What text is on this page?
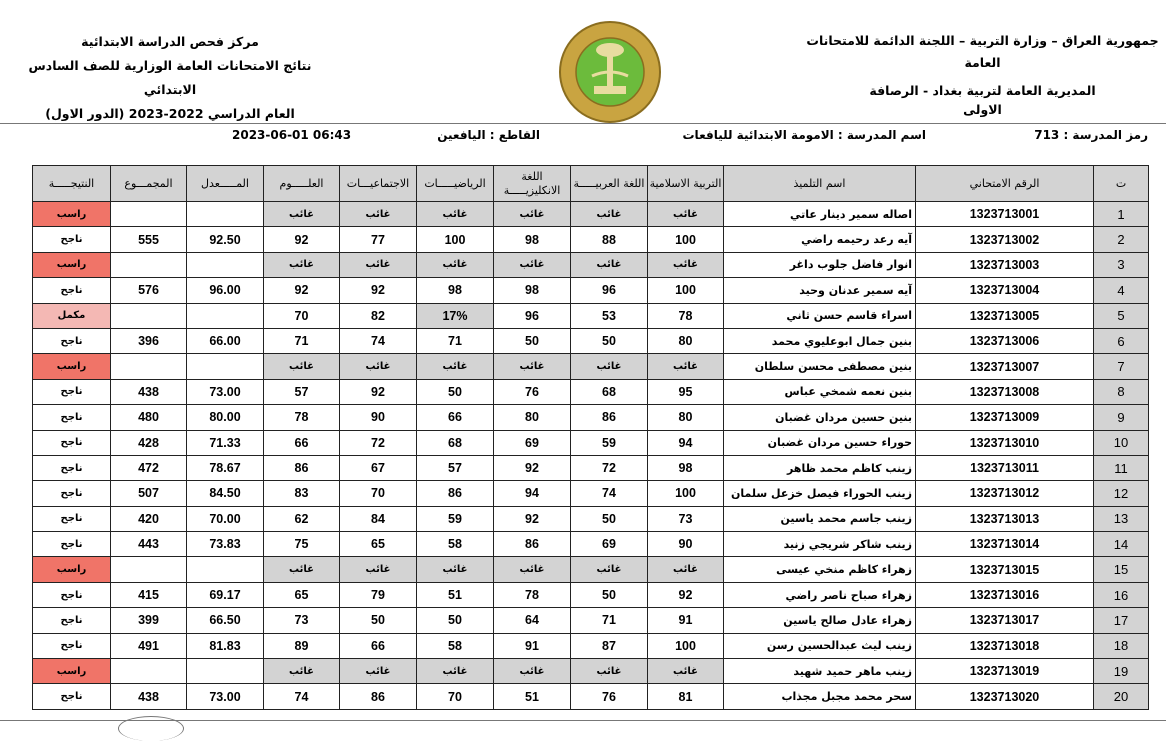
مركز فحص الدراسة الابتدائية
نتائج الامتحانات العامة الوزارية للصف السادس الابتدائي
العام الدراسي 2022-2023 (الدور الاول)
جمهورية العراق – وزارة التربية – اللجنة الدائمة للامتحانات العامة
المديرية العامة لتربية بغداد - الرصافة
الاولى
رمز المدرسة : 713
اسم المدرسة : الامومة الابتدائية لليافعات
القاطع : اليافعين
2023-06-01 06:43
ت	الرقم الامتحاني	اسم التلميذ	التربية الاسلامية	اللغة العربيـــــة	اللغة الانكليزيـــــة	الرياضيـــــات	الاجتماعيـــات	العلـــــوم	المـــــعدل	المجمـــوع	النتيجـــــة
1	1323713001	اصاله سمير دينار عاتي	غائب	غائب	غائب	غائب	غائب	غائب			راسب
2	1323713002	آيه رعد رحيمه راضي	100	88	98	100	77	92	92.50	555	ناجح
3	1323713003	انوار فاضل جلوب داغر	غائب	غائب	غائب	غائب	غائب	غائب			راسب
4	1323713004	آيه سمير عدنان وحيد	100	96	98	98	92	92	96.00	576	ناجح
5	1323713005	اسراء قاسم حسن ثاني	78	53	96	17%	82	70			مكمل
6	1323713006	بنين جمال ابوعليوي محمد	80	50	50	71	74	71	66.00	396	ناجح
7	1323713007	بنين مصطفى محسن سلطان	غائب	غائب	غائب	غائب	غائب	غائب			راسب
8	1323713008	بنين نعمه شمخي عباس	95	68	76	50	92	57	73.00	438	ناجح
9	1323713009	بنين حسين مردان غضبان	80	86	80	66	90	78	80.00	480	ناجح
10	1323713010	حوراء حسين مردان غضبان	94	59	69	68	72	66	71.33	428	ناجح
11	1323713011	زينب كاظم محمد ظاهر	98	72	92	57	67	86	78.67	472	ناجح
12	1323713012	زينب الحوراء فيصل خزعل سلمان	100	74	94	86	70	83	84.50	507	ناجح
13	1323713013	زينب جاسم محمد ياسين	73	50	92	59	84	62	70.00	420	ناجح
14	1323713014	زينب شاكر شريجي زنيد	90	69	86	58	65	75	73.83	443	ناجح
15	1323713015	زهراء كاظم منخي عيسى	غائب	غائب	غائب	غائب	غائب	غائب			راسب
16	1323713016	زهراء صباح ناصر راضي	92	50	78	51	79	65	69.17	415	ناجح
17	1323713017	زهراء عادل صالح ياسين	91	71	64	50	50	73	66.50	399	ناجح
18	1323713018	زينب ليث عبدالحسين رسن	100	87	91	58	66	89	81.83	491	ناجح
19	1323713019	زينب ماهر حميد شهيد	غائب	غائب	غائب	غائب	غائب	غائب			راسب
20	1323713020	سحر محمد مجبل مجذاب	81	76	51	70	86	74	73.00	438	ناجح
